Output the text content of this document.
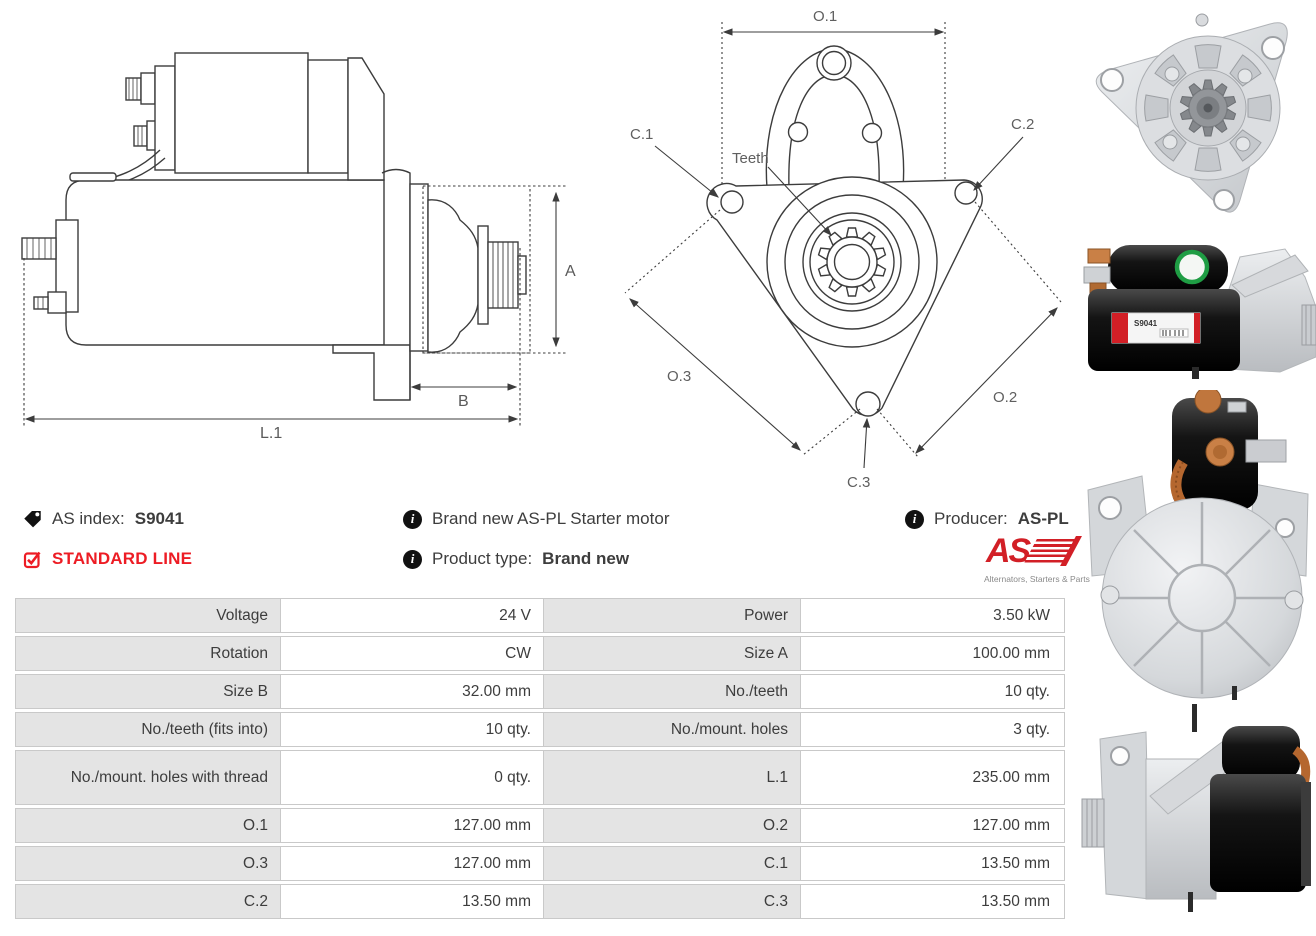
A
B
L.1
O.1
C.1
C.2
Teeth
O.3
O.2
C.3
S9041
AS index: S9041
STANDARD LINE
i	Brand new AS-PL Starter motor
i	Product type: Brand new
i	Producer: AS-PL
AS
Alternators, Starters & Parts
Voltage	24 V	Power	3.50 kW
Rotation	CW	Size A	100.00 mm
Size B	32.00 mm	No./teeth	10 qty.
No./teeth (fits into)	10 qty.	No./mount. holes	3 qty.
No./mount. holes with thread	0 qty.	L.1	235.00 mm
O.1	127.00 mm	O.2	127.00 mm
O.3	127.00 mm	C.1	13.50 mm
C.2	13.50 mm	C.3	13.50 mm
